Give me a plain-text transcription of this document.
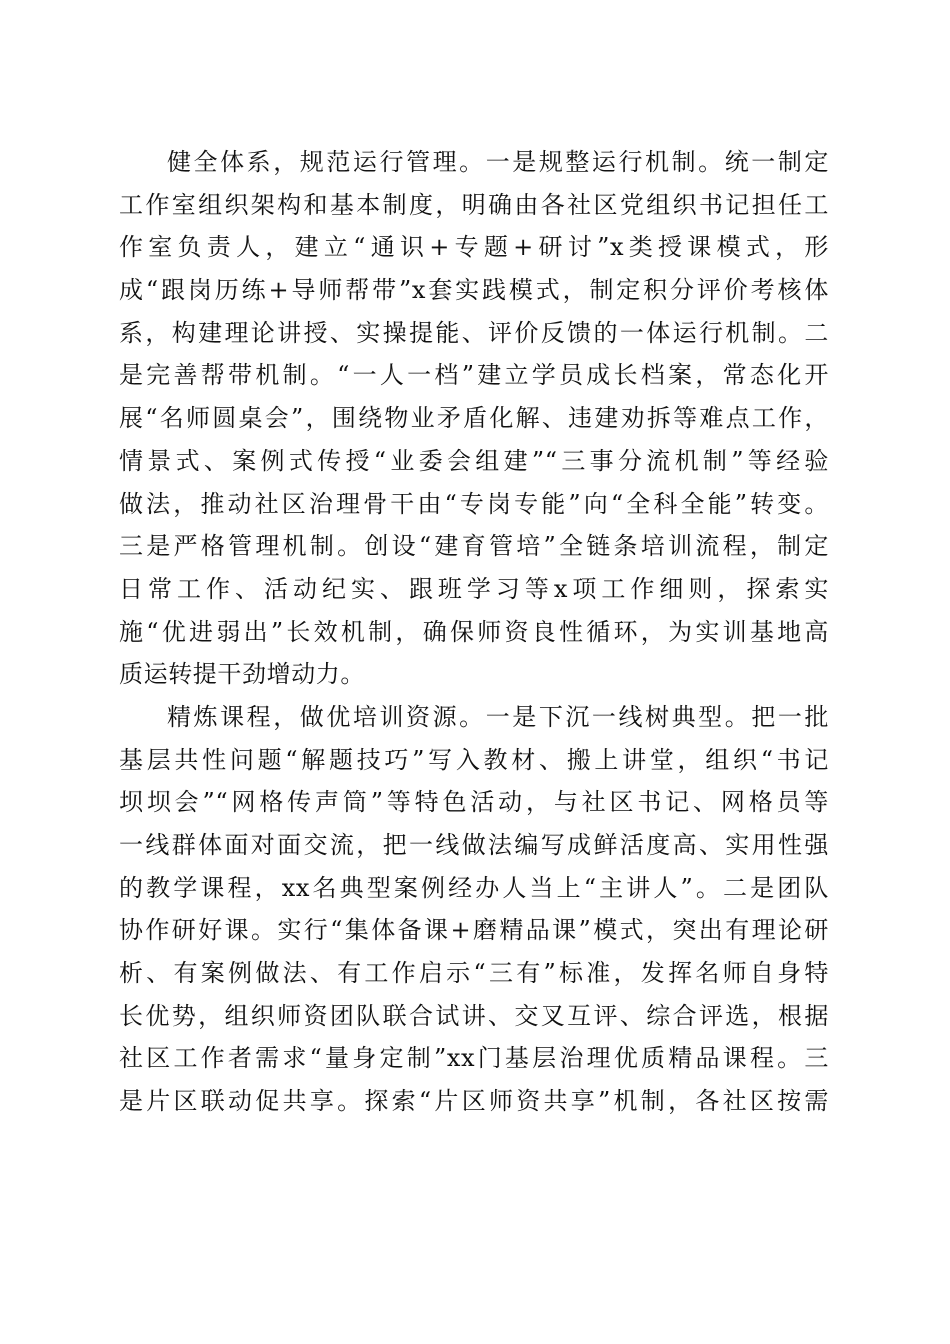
健全体系，规范运行管理。一是规整运行机制。统一制定
工作室组织架构和基本制度，明确由各社区党组织书记担任工
作室负责人，建立“通识+专题+研讨”x类授课模式，形
成“跟岗历练+导师帮带”x套实践模式，制定积分评价考核体
系，构建理论讲授、实操提能、评价反馈的一体运行机制。二
是完善帮带机制。“一人一档”建立学员成长档案，常态化开
展“名师圆桌会”，围绕物业矛盾化解、违建劝拆等难点工作，
情景式、案例式传授“业委会组建”“三事分流机制”等经验
做法，推动社区治理骨干由“专岗专能”向“全科全能”转变。
三是严格管理机制。创设“建育管培”全链条培训流程，制定
日常工作、活动纪实、跟班学习等x项工作细则，探索实
施“优进弱出”长效机制，确保师资良性循环，为实训基地高
质运转提干劲增动力。
精炼课程，做优培训资源。一是下沉一线树典型。把一批
基层共性问题“解题技巧”写入教材、搬上讲堂，组织“书记
坝坝会”“网格传声筒”等特色活动，与社区书记、网格员等
一线群体面对面交流，把一线做法编写成鲜活度高、实用性强
的教学课程，xx名典型案例经办人当上“主讲人”。二是团队
协作研好课。实行“集体备课+磨精品课”模式，突出有理论研
析、有案例做法、有工作启示“三有”标准，发挥名师自身特
长优势，组织师资团队联合试讲、交叉互评、综合评选，根据
社区工作者需求“量身定制”xx门基层治理优质精品课程。三
是片区联动促共享。探索“片区师资共享”机制，各社区按需
